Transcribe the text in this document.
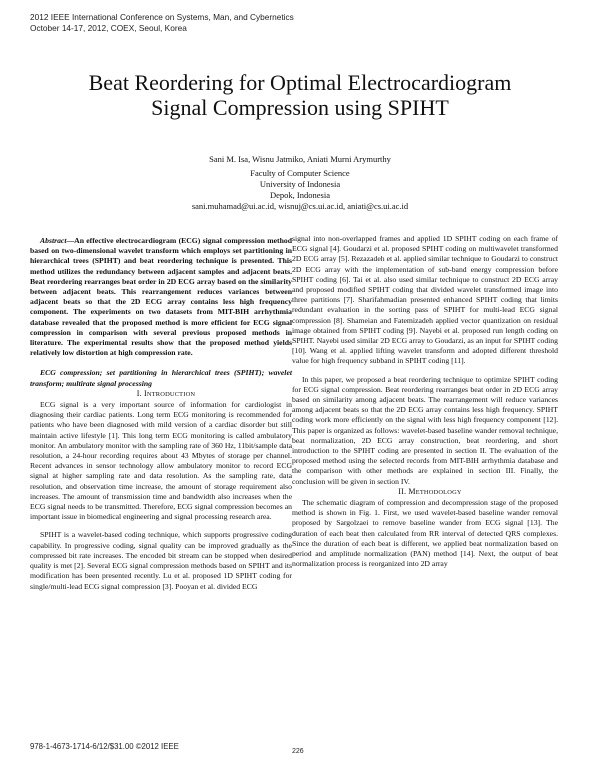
2012 IEEE International Conference on Systems, Man, and Cybernetics
October 14-17, 2012, COEX, Seoul, Korea
Beat Reordering for Optimal Electrocardiogram
Signal Compression using SPIHT
Sani M. Isa, Wisnu Jatmiko, Aniati Murni Arymurthy
Faculty of Computer Science
University of Indonesia
Depok, Indonesia
sani.muhamad@ui.ac.id, wisnuj@cs.ui.ac.id, aniati@cs.ui.ac.id

Abstract—An effective electrocardiogram (ECG) signal compression method based on two-dimensional wavelet transform which employs set partitioning in hierarchical trees (SPIHT) and beat reordering technique is presented. This method utilizes the redundancy between adjacent samples and adjacent beats. Beat reordering rearranges beat order in 2D ECG array based on the similarity between adjacent beats. This rearrangement reduces variances between adjacent beats so that the 2D ECG array contains less high frequency component. The experiments on two datasets from MIT-BIH arrhythmia database revealed that the proposed method is more efficient for ECG signal compression in comparison with several previous proposed methods in literature. The experimental results show that the proposed method yields relatively low distortion at high compression rate.

ECG compression; set partitioning in hierarchical trees (SPIHT); wavelet transform; multirate signal processing

I. INTRODUCTION

ECG signal is a very important source of information for cardiologist in diagnosing their cardiac patients. Long term ECG monitoring is recommended for patients who have been diagnosed with mild version of a cardiac disorder but still maintain active lifestyle [1]. This long term ECG monitoring is called ambulatory monitor. An ambulatory monitor with the sampling rate of 360 Hz, 11bit/sample data resolution, a 24-hour recording requires about 43 Mbytes of storage per channel. Recent advances in sensor technology allow ambulatory monitor to record ECG signal at higher sampling rate and data resolution. As the sampling rate, data resolution, and observation time increase, the amount of storage requirement also increases. The amount of transmission time and bandwidth also increases when the ECG signal needs to be transmitted. Therefore, ECG signal compression becomes an important issue in biomedical engineering and signal processing research area.

SPIHT is a wavelet-based coding technique, which supports progressive coding capability. In progressive coding, signal quality can be improved gradually as the compressed bit rate increases. The encoded bit stream can be stopped when desired quality is met [2]. Several ECG signal compression methods based on SPIHT and its modification has been presented recently. Lu et al. proposed 1D SPIHT coding for single/multi-lead ECG signal compression [3]. Pooyan et al. divided ECG

signal into non-overlapped frames and applied 1D SPIHT coding on each frame of ECG signal [4]. Goudarzi et al. proposed SPIHT coding on multiwavelet transformed 2D ECG array [5]. Rezazadeh et al. applied similar technique to Goudarzi to construct 2D ECG array with the implementation of sub-band energy compression before SPIHT coding [6]. Tai et al. also used similar technique to construct 2D ECG array and proposed modified SPIHT coding that divided wavelet transformed image into three partitions [7]. Sharifahmadian presented enhanced SPIHT coding that limits redundant evaluation in the sorting pass of SPIHT for multi-lead ECG signal compression [8]. Shameian and Fatemizadeh applied vector quantization on residual image obtained from SPIHT coding [9]. Nayebi et al. proposed run length coding on SPIHT. Nayebi used similar 2D ECG array to Goudarzi, as an input for SPIHT coding [10]. Wang et al. applied lifting wavelet transform and adopted different threshold value for high frequency subband in SPIHT coding [11].

In this paper, we proposed a beat reordering technique to optimize SPIHT coding for ECG signal compression. Beat reordering rearranges beat order in 2D ECG array based on similarity among adjacent beats. The rearrangement will reduce variances among adjacent beats so that the 2D ECG array contains less high frequency. SPIHT coding work more efficiently on the signal with less high frequency component [12]. This paper is organized as follows: wavelet-based baseline wander removal technique, beat normalization, 2D ECG array construction, beat reordering, and short introduction to the SPIHT coding are presented in section II. The evaluation of the proposed method using the selected records from MIT-BIH arrhythmia database and the comparison with other methods are explained in section III. Finally, the conclusion will be given in section IV.

II. METHODOLOGY

The schematic diagram of compression and decompression stage of the proposed method is shown in Fig. 1. First, we used wavelet-based baseline wander removal proposed by Sargolzaei to remove baseline wander from ECG signal [13]. The duration of each beat then calculated from RR interval of detected QRS complexes. Since the duration of each beat is different, we applied beat normalization based on period and amplitude normalization (PAN) method [14]. Next, the output of beat normalization process is reorganized into 2D array

978-1-4673-1714-6/12/$31.00 ©2012 IEEE
226
